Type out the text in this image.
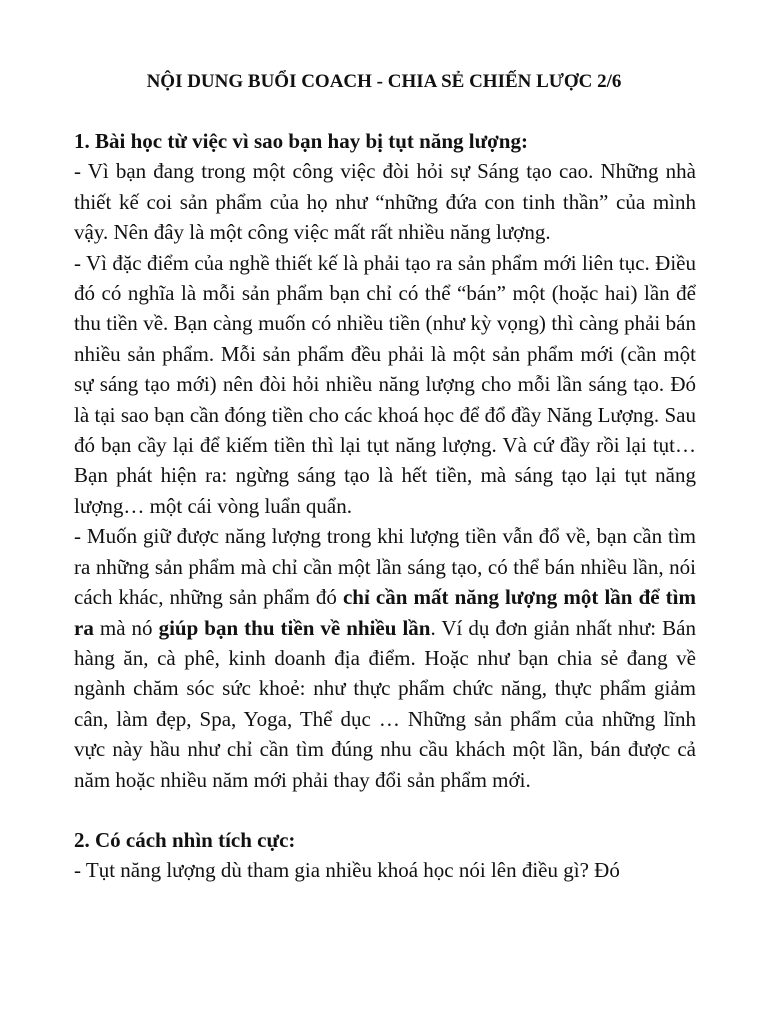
NỘI DUNG BUỔI COACH - CHIA SẺ CHIẾN LƯỢC 2/6

1. Bài học từ việc vì sao bạn hay bị tụt năng lượng:

- Vì bạn đang trong một công việc đòi hỏi sự Sáng tạo cao. Những nhà thiết kế coi sản phẩm của họ như “những đứa con tinh thần” của mình vậy. Nên đây là một công việc mất rất nhiều năng lượng.

- Vì đặc điểm của nghề thiết kế là phải tạo ra sản phẩm mới liên tục. Điều đó có nghĩa là mỗi sản phẩm bạn chỉ có thể “bán” một (hoặc hai) lần để thu tiền về. Bạn càng muốn có nhiều tiền (như kỳ vọng) thì càng phải bán nhiều sản phẩm. Mỗi sản phẩm đều phải là một sản phẩm mới (cần một sự sáng tạo mới) nên đòi hỏi nhiều năng lượng cho mỗi lần sáng tạo. Đó là tại sao bạn cần đóng tiền cho các khoá học để đổ đầy Năng Lượng. Sau đó bạn cầy lại để kiếm tiền thì lại tụt năng lượng. Và cứ đầy rồi lại tụt…Bạn phát hiện ra: ngừng sáng tạo là hết tiền, mà sáng tạo lại tụt năng lượng… một cái vòng luẩn quẩn.

- Muốn giữ được năng lượng trong khi lượng tiền vẫn đổ về, bạn cần tìm ra những sản phẩm mà chỉ cần một lần sáng tạo, có thể bán nhiều lần, nói cách khác, những sản phẩm đó chỉ cần mất năng lượng một lần để tìm ra mà nó giúp bạn thu tiền về nhiều lần. Ví dụ đơn giản nhất như: Bán hàng ăn, cà phê, kinh doanh địa điểm. Hoặc như bạn chia sẻ đang về ngành chăm sóc sức khoẻ: như thực phẩm chức năng, thực phẩm giảm cân, làm đẹp, Spa, Yoga, Thể dục … Những sản phẩm của những lĩnh vực này hầu như chỉ cần tìm đúng nhu cầu khách một lần, bán được cả năm hoặc nhiều năm mới phải thay đổi sản phẩm mới.

2. Có cách nhìn tích cực:

- Tụt năng lượng dù tham gia nhiều khoá học nói lên điều gì? Đó
